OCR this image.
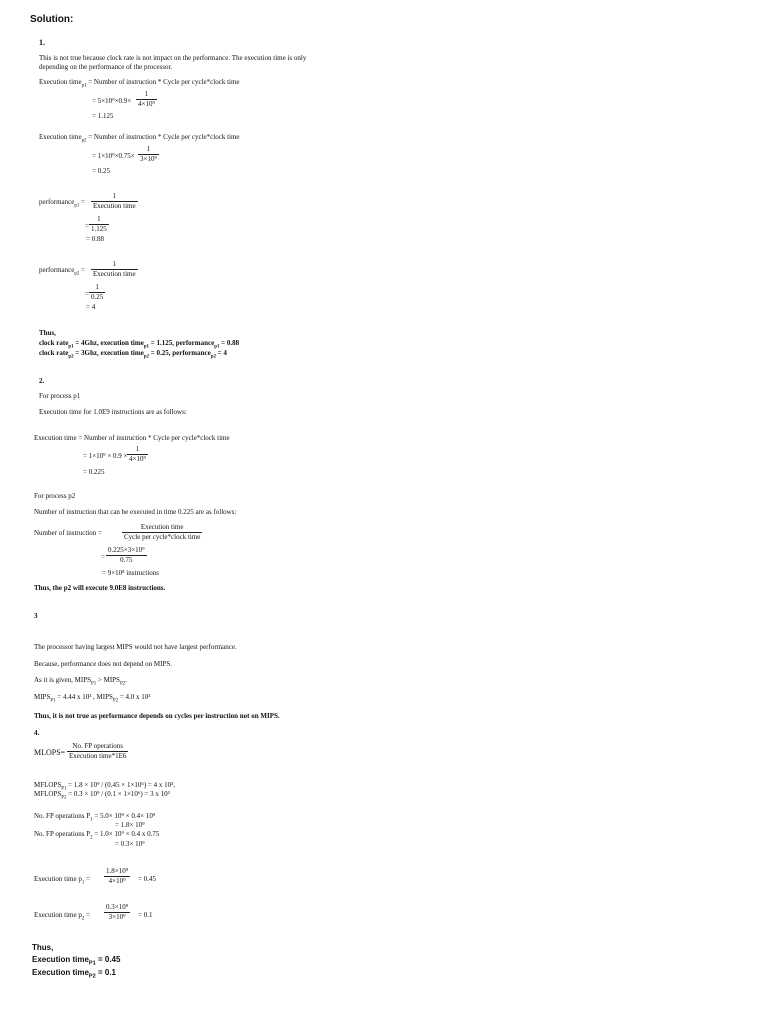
Solution:
1.
This is not true because clock rate is not impact on the performance. The execution time is only
depending on the performance of the processor.
Execution time$_{p1}$ = Number of instruction * Cycle per cycle*clock time
= $5\times 10^9\times 0.9\times \frac{1}{\text{4×10⁹}}$
= 1.125
Execution time$_{p2}$ = Number of instruction * Cycle per cycle*clock time
= $1\times 10^9\times 0.75\times \frac{1}{\text{3×10⁹}}$
= 0.25
performance$_{p1}$ =
1
Execution time
= $\frac{1}{1.125}$
= 0.88
performance$_{p2}$ =
1
Execution time
= $\frac{1}{0.25}$
= 4
Thus,
clock rate$_{p1}$ = 4Ghz, execution time$_{p1}$ = 1.125, performance$_{p1}$ = 0.88
clock rate$_{p2}$ = 3Ghz, execution time$_{p2}$ = 0.25, performance$_{p2}$ = 4
2.
For process p1
Execution time for 1.0E9 instructions are as follows:
Execution time = Number of instruction * Cycle per cycle*clock time
= $1\times 10^9 \times 0.9 \times \frac{1}{\text{4×10⁹}}$
= 0.225
For process p2
Number of instruction that can be executed in time 0.225 are as follows:
Number of instruction =
Execution time
Cycle per cycle*clock time
= $\frac{\text{0.225×3×10⁹}}{0.75}$
= 9×10⁸ instructions
Thus, the p2 will execute 9.0E8 instructions.
3
The processor having largest MIPS would not have largest performance.
Because, performance does not depend on MIPS.
As it is given, $MIPS_{P1}$ > $MIPS_{P2}$.
$MIPS_{P1} = 4.44$ x 10³ , $MIPS_{P2} = 4.0$ x 10³
Thus, it is not true as performance depends on cycles per instruction not on MIPS.
4.
MLOPS=
No. FP operations
Execution time*1E6
$MFLOPS_{P1} = 1.8 \times 10^9 / (0.45 \times 1\times 10^6) = 4$ x 10³,
$MFLOPS_{P2} = 0.3 \times 10^9 / (0.1 \times 1\times 10^6) = 3$ x 10³
No. FP operations $P_1 = 5.0\times 10^9 \times 0.4\times 10^9$
= 1.8× 10⁹
No. FP operations $P_2 = 1.0\times 10^9 \times 0.4$ x 0.75
= 0.3× 10⁹
Execution time $p_1 = \frac{\text{1.8×10⁹}}{\text{4×10⁹}} = 0.45$
Execution time $p_2 = \frac{\text{0.3×10⁹}}{\text{3×10⁹}} = 0.1$
Thus,
Execution time$_{P1}$ = 0.45
Execution time$_{P2}$ = 0.1
